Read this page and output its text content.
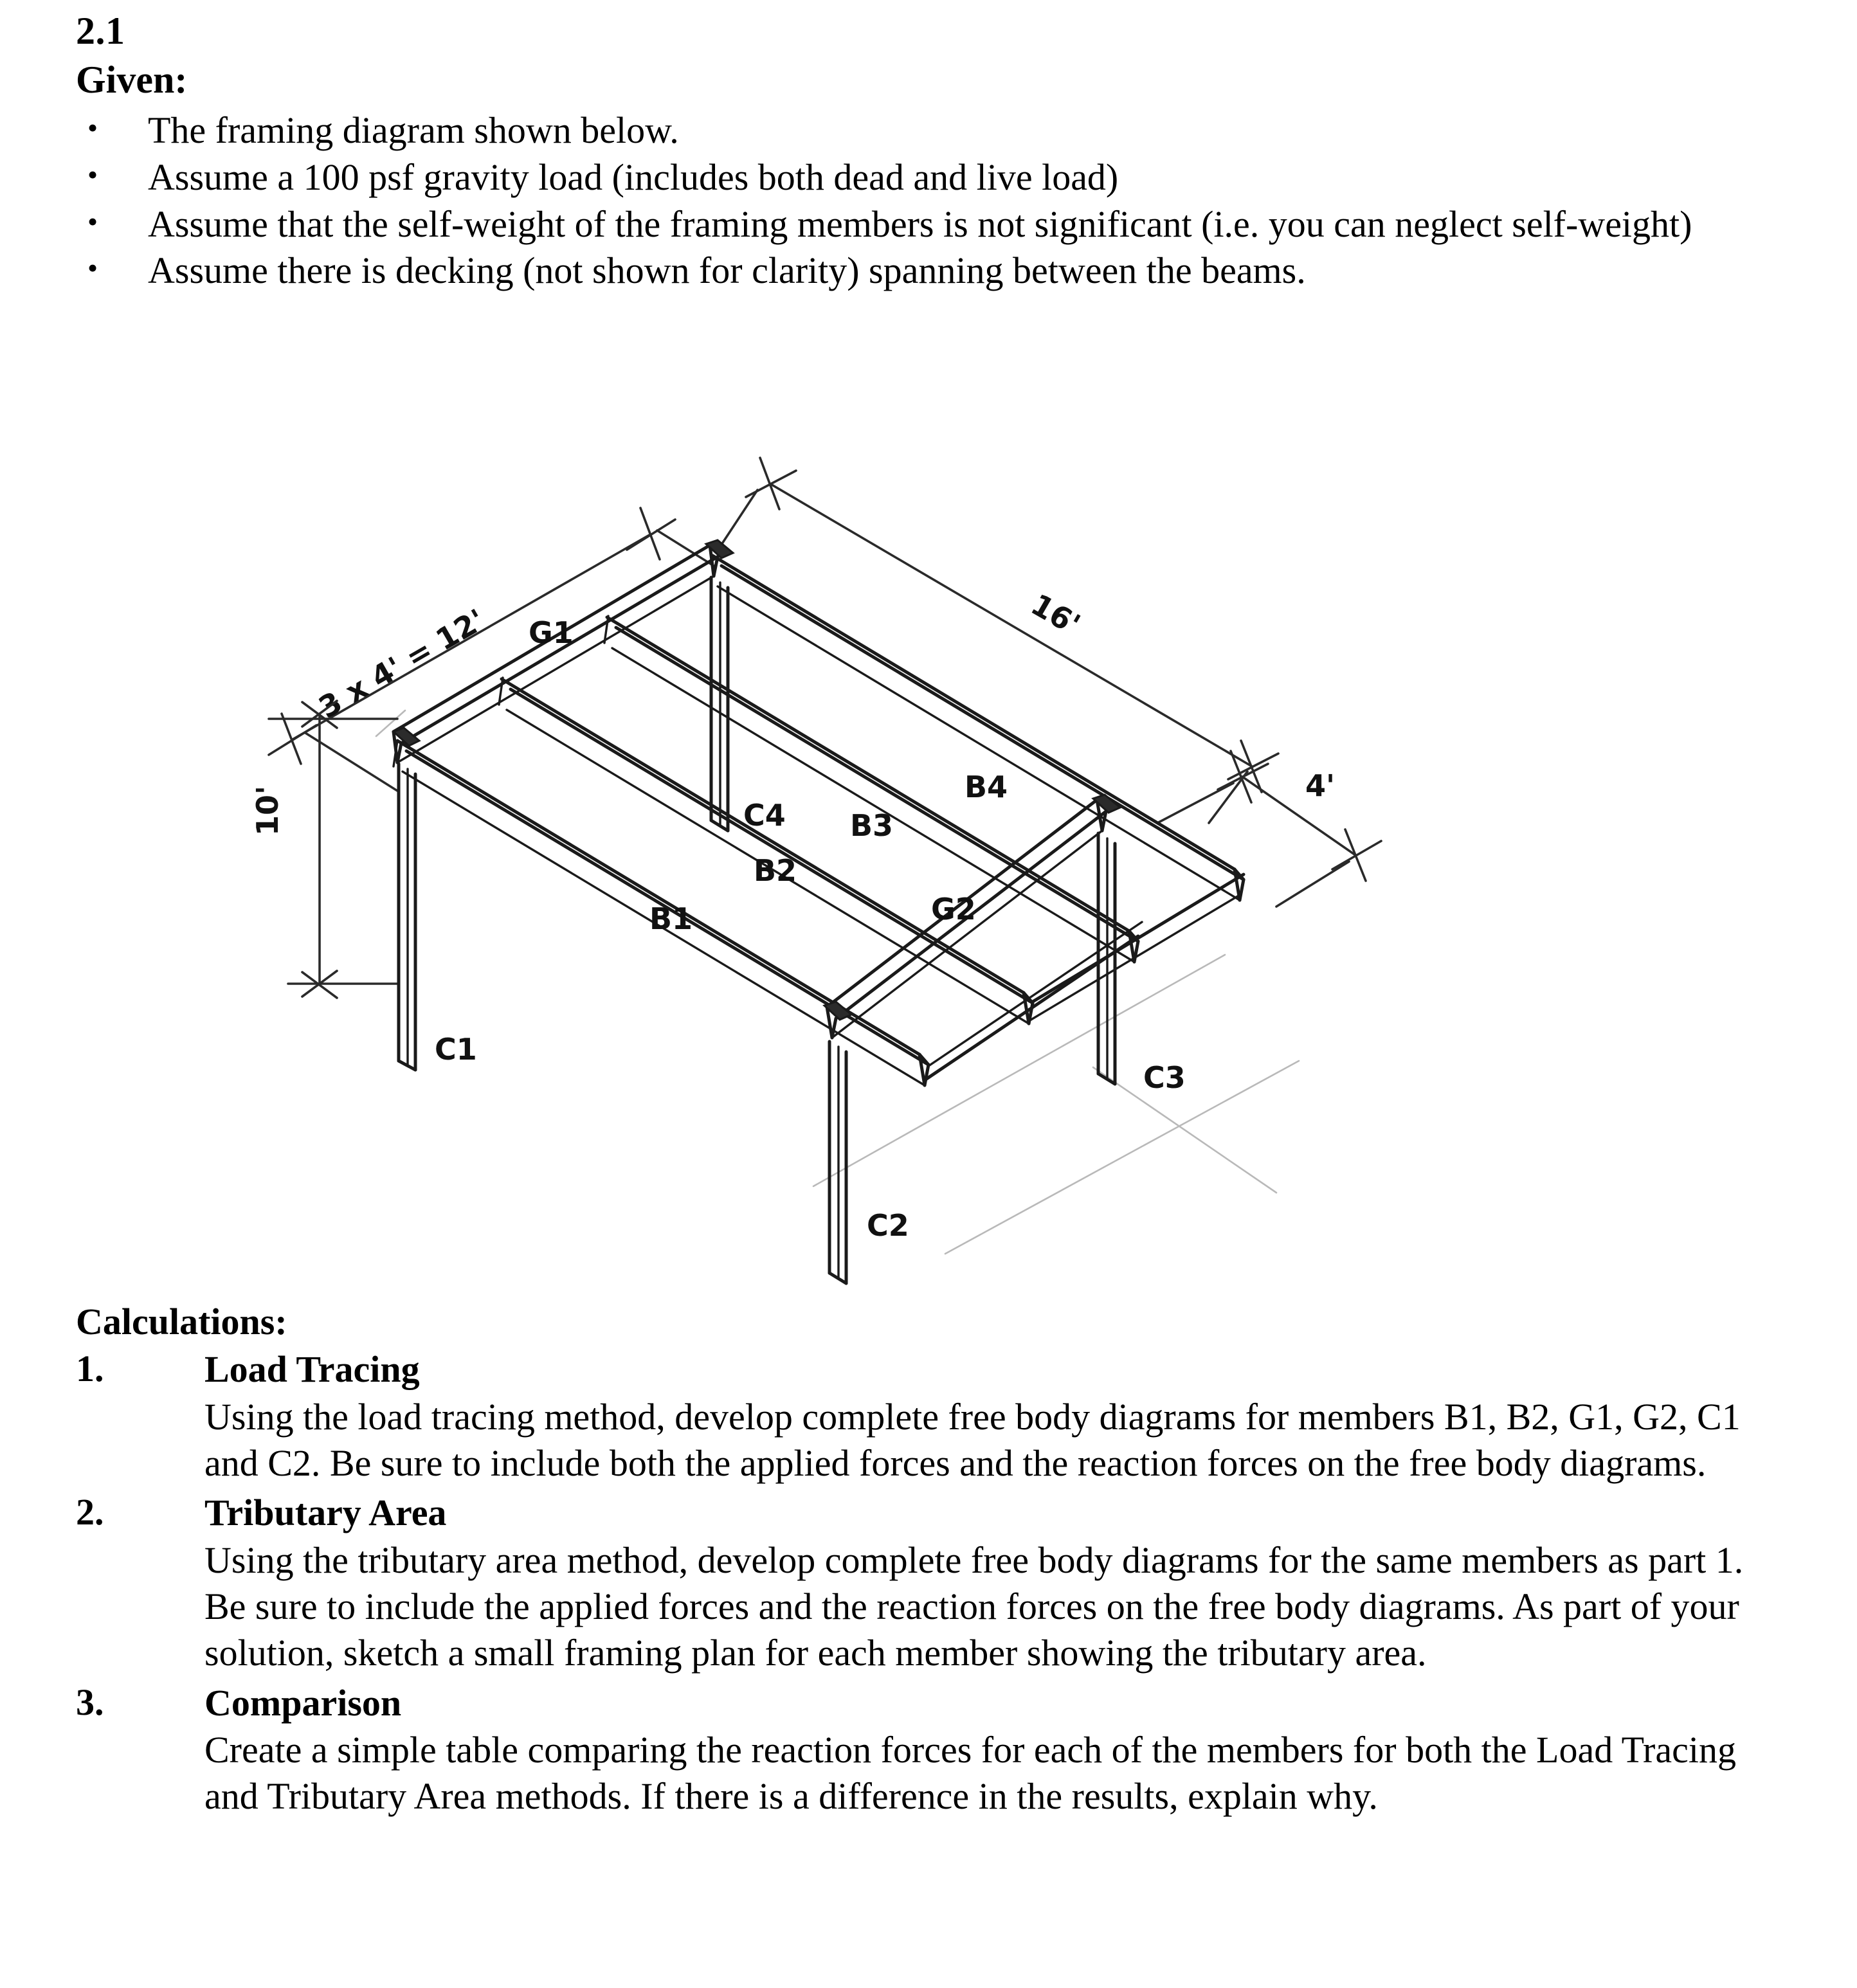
2.1
Given:
•	The framing diagram shown below.
•	Assume a 100 psf gravity load (includes both dead and live load)
•	Assume that the self-weight of the framing members is not significant (i.e. you can neglect self-weight)
•	Assume there is decking (not shown for clarity) spanning between the beams.
3 x 4' = 12'	16'
4'
10'
G1
C4
B4
B3
B2
B1	G2
C3
C1
C2
Calculations:
1.	Load Tracing
Using the load tracing method, develop complete free body diagrams for members B1, B2, G1, G2, C1 and C2. Be sure to include both the applied forces and the reaction forces on the free body diagrams.
2.	Tributary Area
Using the tributary area method, develop complete free body diagrams for the same members as part 1. Be sure to include the applied forces and the reaction forces on the free body diagrams. As part of your solution, sketch a small framing plan for each member showing the tributary area.
3.	Comparison
Create a simple table comparing the reaction forces for each of the members for both the Load Tracing and Tributary Area methods. If there is a difference in the results, explain why.
